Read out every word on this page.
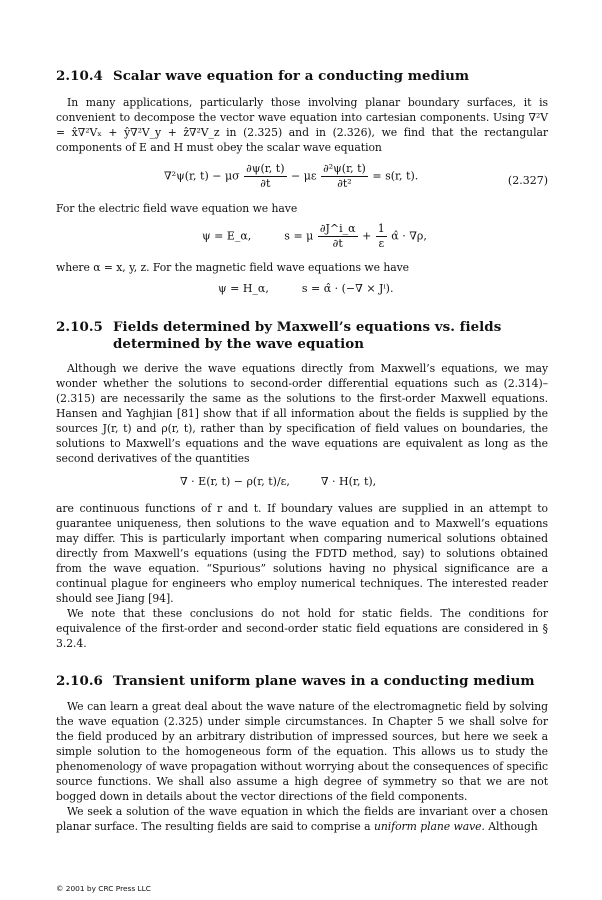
2.10.4 Scalar wave equation for a conducting medium

In many applications, particularly those involving planar boundary surfaces, it is convenient to decompose the vector wave equation into cartesian components. Using ∇²V = x̂∇²Vₓ + ŷ∇²V_y + ẑ∇²V_z in (2.325) and in (2.326), we find that the rectangular components of E and H must obey the scalar wave equation

∇²ψ(r, t) − μσ $\frac{\partial\psi(r, t)}{\partial t} - \mu\varepsilon \frac{\text{∂²ψ(r, t)}}{\text{∂t²}} = s(r$, t).	(2.327)

For the electric field wave equation we have

ψ = E_α,	s = μ $\frac{\partial J\^{}i\_\alpha}{\partial t} + \frac{1}{\varepsilon}$ α̂ · ∇ρ,

where α = x, y, z. For the magnetic field wave equations we have

ψ = H_α,	s = α̂ · (−∇ × Jⁱ).
2.10.5 Fields determined by Maxwell’s equations vs. fields determined by the wave equation

Although we derive the wave equations directly from Maxwell’s equations, we may wonder whether the solutions to second-order differential equations such as (2.314)–(2.315) are necessarily the same as the solutions to the first-order Maxwell equations. Hansen and Yaghjian [81] show that if all information about the fields is supplied by the sources J(r, t) and ρ(r, t), rather than by specification of field values on boundaries, the solutions to Maxwell’s equations and the wave equations are equivalent as long as the second derivatives of the quantities

∇ · E(r, t) − ρ(r, t)/ε,	∇ · H(r, t),

are continuous functions of r and t. If boundary values are supplied in an attempt to guarantee uniqueness, then solutions to the wave equation and to Maxwell’s equations may differ. This is particularly important when comparing numerical solutions obtained directly from Maxwell’s equations (using the FDTD method, say) to solutions obtained from the wave equation. “Spurious” solutions having no physical significance are a continual plague for engineers who employ numerical techniques. The interested reader should see Jiang [94].

We note that these conclusions do not hold for static fields. The conditions for equivalence of the first-order and second-order static field equations are considered in § 3.2.4.

2.10.6 Transient uniform plane waves in a conducting medium

We can learn a great deal about the wave nature of the electromagnetic field by solving the wave equation (2.325) under simple circumstances. In Chapter 5 we shall solve for the field produced by an arbitrary distribution of impressed sources, but here we seek a simple solution to the homogeneous form of the equation. This allows us to study the phenomenology of wave propagation without worrying about the consequences of specific source functions. We shall also assume a high degree of symmetry so that we are not bogged down in details about the vector directions of the field components.

We seek a solution of the wave equation in which the fields are invariant over a chosen planar surface. The resulting fields are said to comprise a uniform plane wave. Although

© 2001 by CRC Press LLC
